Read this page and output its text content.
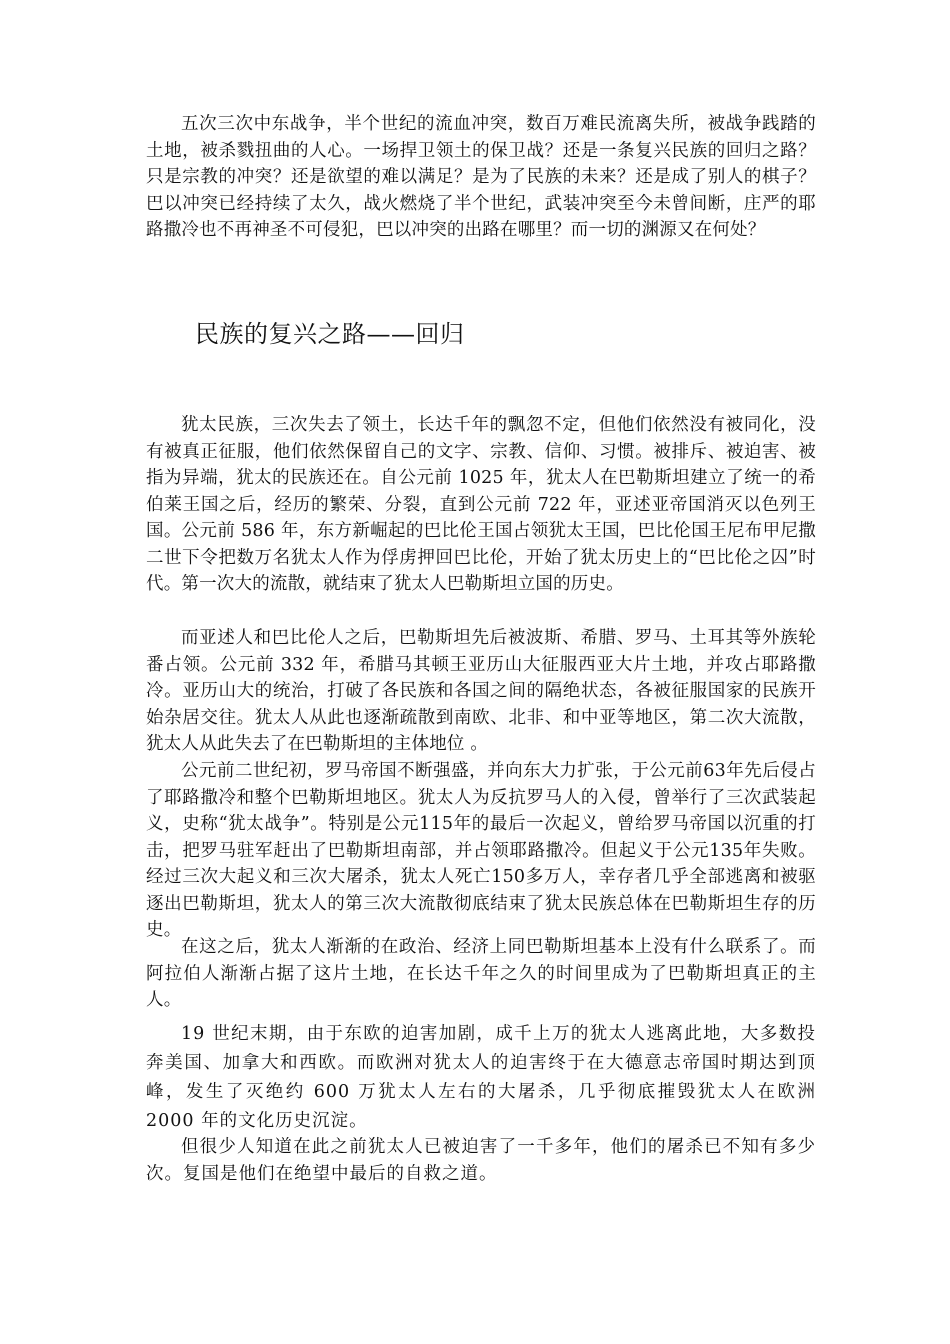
五次三次中东战争，半个世纪的流血冲突，数百万难民流离失所，被战争践踏的土地，被杀戮扭曲的人心。一场捍卫领土的保卫战？还是一条复兴民族的回归之路？只是宗教的冲突？还是欲望的难以满足？是为了民族的未来？还是成了别人的棋子？巴以冲突已经持续了太久，战火燃烧了半个世纪，武装冲突至今未曾间断，庄严的耶路撒冷也不再神圣不可侵犯，巴以冲突的出路在哪里？而一切的渊源又在何处？

民族的复兴之路——回归

犹太民族，三次失去了领土，长达千年的飘忽不定，但他们依然没有被同化，没有被真正征服，他们依然保留自己的文字、宗教、信仰、习惯。被排斥、被迫害、被指为异端，犹太的民族还在。自公元前 1025 年，犹太人在巴勒斯坦建立了统一的希伯莱王国之后，经历的繁荣、分裂，直到公元前 722 年，亚述亚帝国消灭以色列王国。公元前 586 年，东方新崛起的巴比伦王国占领犹太王国，巴比伦国王尼布甲尼撒二世下令把数万名犹太人作为俘虏押回巴比伦，开始了犹太历史上的“巴比伦之囚”时代。第一次大的流散，就结束了犹太人巴勒斯坦立国的历史。

而亚述人和巴比伦人之后，巴勒斯坦先后被波斯、希腊、罗马、土耳其等外族轮番占领。公元前 332 年，希腊马其顿王亚历山大征服西亚大片土地，并攻占耶路撒冷。亚历山大的统治，打破了各民族和各国之间的隔绝状态，各被征服国家的民族开始杂居交往。犹太人从此也逐渐疏散到南欧、北非、和中亚等地区，第二次大流散，犹太人从此失去了在巴勒斯坦的主体地位 。

公元前二世纪初，罗马帝国不断强盛，并向东大力扩张，于公元前63年先后侵占了耶路撒冷和整个巴勒斯坦地区。犹太人为反抗罗马人的入侵，曾举行了三次武装起义，史称“犹太战争”。特别是公元115年的最后一次起义，曾给罗马帝国以沉重的打击，把罗马驻军赶出了巴勒斯坦南部，并占领耶路撒冷。但起义于公元135年失败。经过三次大起义和三次大屠杀，犹太人死亡150多万人，幸存者几乎全部逃离和被驱逐出巴勒斯坦，犹太人的第三次大流散彻底结束了犹太民族总体在巴勒斯坦生存的历史。

在这之后，犹太人渐渐的在政治、经济上同巴勒斯坦基本上没有什么联系了。而阿拉伯人渐渐占据了这片土地，在长达千年之久的时间里成为了巴勒斯坦真正的主人。

19 世纪末期，由于东欧的迫害加剧，成千上万的犹太人逃离此地，大多数投奔美国、加拿大和西欧。而欧洲对犹太人的迫害终于在大德意志帝国时期达到顶峰，发生了灭绝约 600 万犹太人左右的大屠杀，几乎彻底摧毁犹太人在欧洲 2000 年的文化历史沉淀。

但很少人知道在此之前犹太人已被迫害了一千多年，他们的屠杀已不知有多少次。复国是他们在绝望中最后的自救之道。
